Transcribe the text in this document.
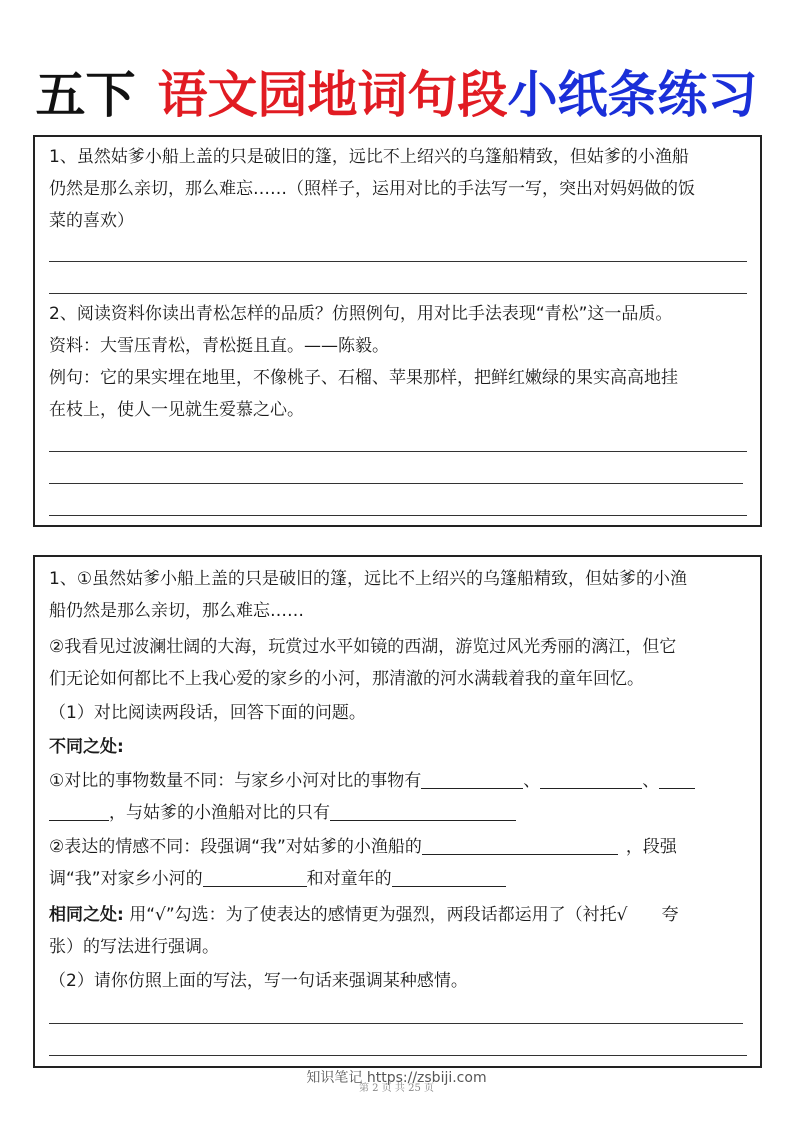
五下 语文园地词句段小纸条练习
1、虽然姑爹小船上盖的只是破旧的篷，远比不上绍兴的乌篷船精致，但姑爹的小渔船
仍然是那么亲切，那么难忘……（照样子，运用对比的手法写一写，突出对妈妈做的饭
菜的喜欢）
2、阅读资料你读出青松怎样的品质？仿照例句，用对比手法表现“青松”这一品质。
资料：大雪压青松，青松挺且直。——陈毅。
例句：它的果实埋在地里，不像桃子、石榴、苹果那样，把鲜红嫩绿的果实高高地挂
在枝上，使人一见就生爱慕之心。
1、①虽然姑爹小船上盖的只是破旧的篷，远比不上绍兴的乌篷船精致，但姑爹的小渔
船仍然是那么亲切，那么难忘……
②我看见过波澜壮阔的大海，玩赏过水平如镜的西湖，游览过风光秀丽的漓江，但它
们无论如何都比不上我心爱的家乡的小河，那清澈的河水满载着我的童年回忆。
（1）对比阅读两段话，回答下面的问题。
不同之处:
①对比的事物数量不同：与家乡小河对比的事物有	、	、
，与姑爹的小渔船对比的只有
②表达的情感不同：段强调“我”对姑爹的小渔船的	，段强
调“我”对家乡小河的	和对童年的
相同之处: 用“√”勾选：为了使表达的感情更为强烈，两段话都运用了（衬托√ 夸
张）的写法进行强调。
（2）请你仿照上面的写法，写一句话来强调某种感情。
知识笔记 https://zsbiji.com
第 2 页 共 25 页
